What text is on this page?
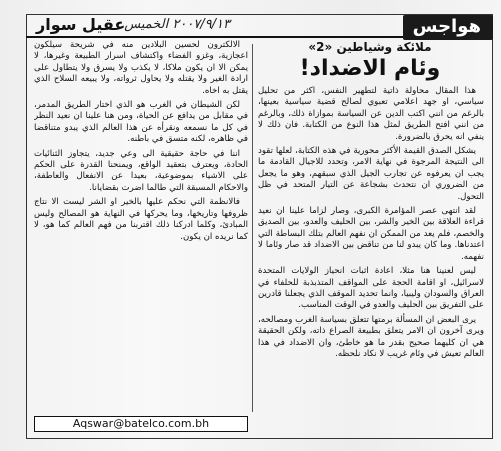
هواجس
٢٠٠٧/٩/١٣ الخميس
عقيل سوار
ملائكة وشياطين «2»
وئام الاضداد!

هذا المقال محاولة ذاتية لتطهير النفس، اكثر من تحليل سياسي، او جهد اعلامي تعبوي لصالح قضية سياسية بعينها، بالرغم من انني اكتب الدين عن السياسة بموازاة ذلك، وبالرغم من انني افتح الطريق لمثل هذا النوع من الكتابة. فان ذلك لا ينفي انه يحرق بالضرورة.

يشكل الصدق القيمة الأكثر محورية في هذه الكتابة، لعلها تقود الى النتيجة المرجوة في نهاية الامر، وتحدد للاجيال القادمة ما يجب ان يعرفوه عن تجارب الجيل الذي سبقهم، وهو ما يجعل من الضروري ان نتحدث بشجاعة عن التيار المتحد في ظل التحول.

لقد انتهى عصر المؤامرة الكبرى، وصار لزاما علينا ان نعيد قراءة العلاقة بين الخير والشر، بين الحليف والعدو، بين الصديق والخصم، فلم يعد من الممكن ان نفهم العالم بتلك البساطة التي اعتدناها. وما كان يبدو لنا من تناقض بين الاضداد قد صار وئاما لا نفهمه.

ليس لعنينا هنا مثلا، اعادة اثبات انحياز الولايات المتحدة لاسرائيل، او اقامة الحجة على المواقف المتذبذبة للحلفاء في العراق والسودان وليبيا، وانما تحديد الموقف الذي يجعلنا قادرين على التفريق بين الحليف والعدو في الوقت المناسب.

يرى البعض ان المسألة برمتها تتعلق بسياسة الغرب ومصالحه، ويرى آخرون ان الامر يتعلق بطبيعة الصراع ذاته، ولكن الحقيقة هي ان كليهما صحيح بقدر ما هو خاطئ، وان الاضداد في هذا العالم تعيش في وئام غريب لا نكاد نلحظه.

الالكترون لحسين البلادين منه في شريحة سيلكون اعجازية، وغزو الفضاء واكتشاف اسرار الطبيعة وغيرها، لا يمكن الا ان يكون ملاكا، لا يكذب ولا يسرق ولا يتطاول على ارادة الغير ولا يقتله ولا يحاول ثرواته، ولا يبيعه السلاح الذي يقتل به اخاه.

لكن الشيطان في الغرب هو الذي اختار الطريق المدمر، في مقابل من يدافع عن الحياة، ومن هنا علينا ان نعيد النظر في كل ما نسمعه ونقرأه عن هذا العالم الذي يبدو متناقضا في ظاهره، لكنه متسق في باطنه.

اننا في حاجة حقيقية الى وعي جديد، يتجاوز الثنائيات الحادة، ويعترف بتعقيد الواقع، ويمنحنا القدرة على الحكم على الاشياء بموضوعية، بعيدا عن الانفعال والعاطفة، والاحكام المسبقة التي طالما اضرت بقضايانا.

فالانظمة التي نحكم عليها بالخير او الشر ليست الا نتاج ظروفها وتاريخها، وما يحركها في النهاية هو المصالح وليس المبادئ، وكلما ادركنا ذلك اقتربنا من فهم العالم كما هو، لا كما نريده ان يكون.

Aqswar@batelco.com.bh
